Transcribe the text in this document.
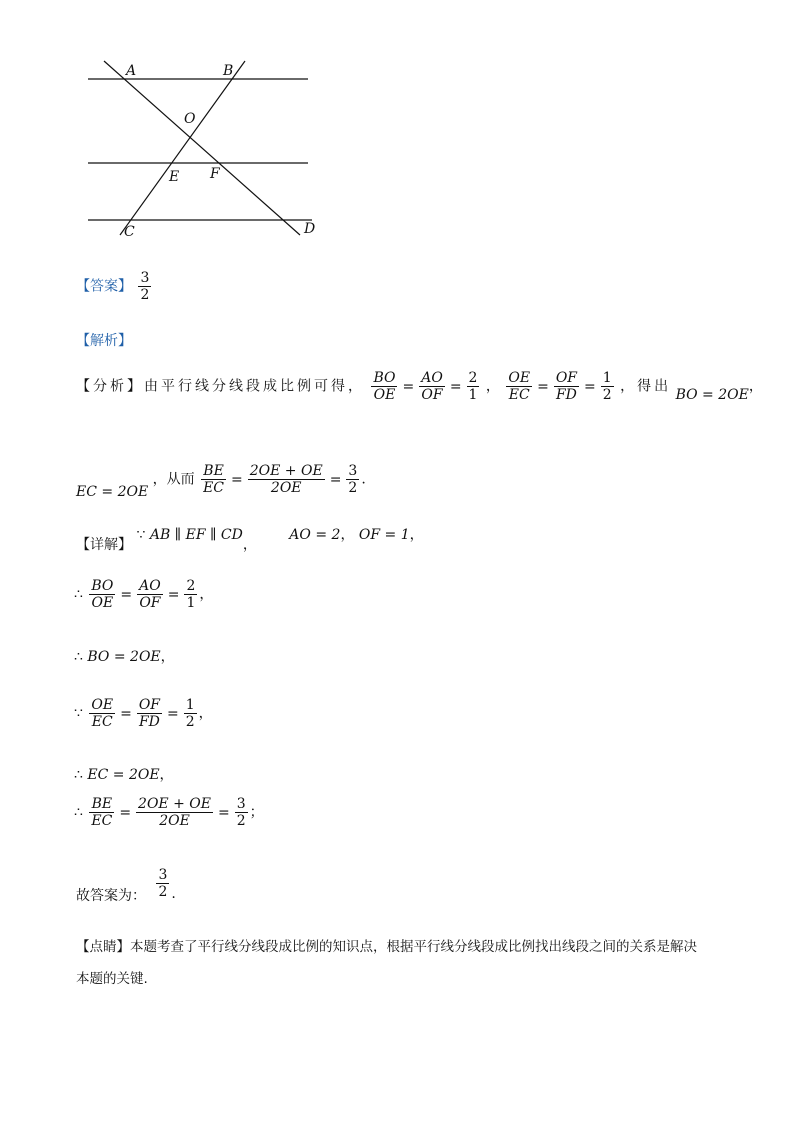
A	B
O
E F
C	D
【答案】 $\frac{3}{2}$
【解析】
【分析】由平行线分线段成比例可得， $\frac{BO}{OE} = \frac{AO}{OF} = \frac{2}{1}$ ， $\frac{OE}{EC} = \frac{OF}{FD} = \frac{1}{2}$ ，得出 BO = 2OE，
EC = 2OE ，从而 $\frac{BE}{EC} = \frac{2OE + OE}{2OE} = \frac{3}{2}$ .
【详解】 ∵ AB ∥ EF ∥ CD， AO = 2， OF = 1，
∴ $\frac{BO}{OE} = \frac{AO}{OF} = \frac{2}{1}$ ，
∴ BO = 2OE，
∵ $\frac{OE}{EC} = \frac{OF}{FD} = \frac{1}{2}$ ，
∴ EC = 2OE，
∴ $\frac{BE}{EC} = \frac{2OE + OE}{2OE} = \frac{3}{2}$ ；
故答案为： $\frac{3}{2}$ .
【点睛】本题考查了平行线分线段成比例的知识点，根据平行线分线段成比例找出线段之间的关系是解决
本题的关键.
